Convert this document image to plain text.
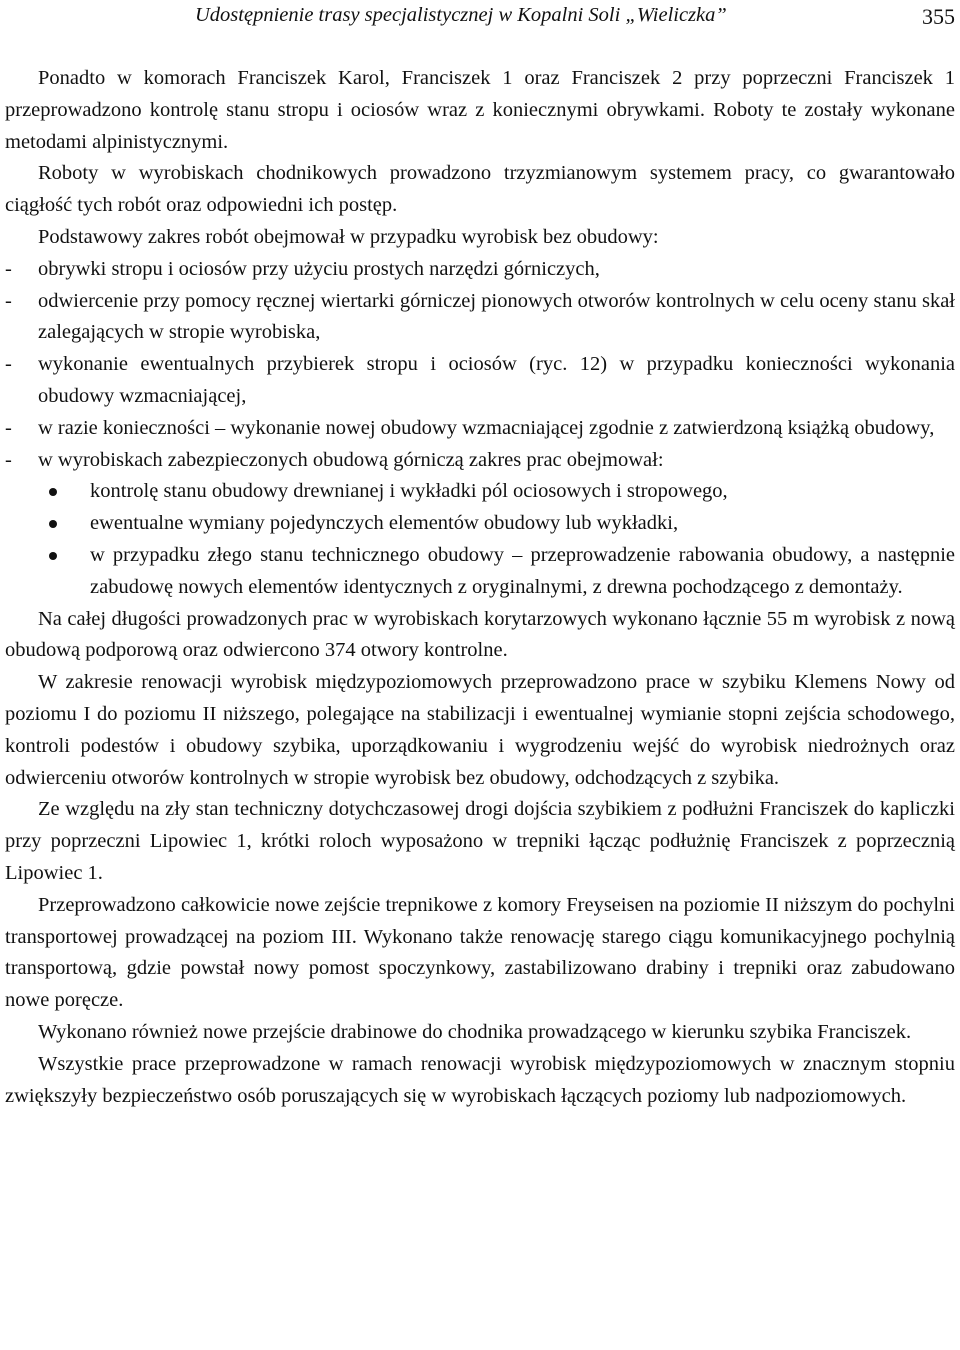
Udostępnienie trasy specjalistycznej w Kopalni Soli „Wieliczka”	355

Ponadto w komorach Franciszek Karol, Franciszek 1 oraz Franciszek 2 przy poprzeczni Franciszek 1 przeprowadzono kontrolę stanu stropu i ociosów wraz z koniecznymi obrywkami. Roboty te zostały wykonane metodami alpinistycznymi.

Roboty w wyrobiskach chodnikowych prowadzono trzyzmianowym systemem pracy, co gwarantowało ciągłość tych robót oraz odpowiedni ich postęp.

Podstawowy zakres robót obejmował w przypadku wyrobisk bez obudowy:

- obrywki stropu i ociosów przy użyciu prostych narzędzi górniczych,
- odwiercenie przy pomocy ręcznej wiertarki górniczej pionowych otworów kontrolnych w celu oceny stanu skał zalegających w stropie wyrobiska,
- wykonanie ewentualnych przybierek stropu i ociosów (ryc. 12) w przypadku konieczności wykonania obudowy wzmacniającej,
- w razie konieczności – wykonanie nowej obudowy wzmacniającej zgodnie z zatwierdzoną książką obudowy,
- w wyrobiskach zabezpieczonych obudową górniczą zakres prac obejmował:
kontrolę stanu obudowy drewnianej i wykładki pól ociosowych i stropowego,
ewentualne wymiany pojedynczych elementów obudowy lub wykładki,
w przypadku złego stanu technicznego obudowy – przeprowadzenie rabowania obudowy, a następnie zabudowę nowych elementów identycznych z oryginalnymi, z drewna pochodzącego z demontaży.

Na całej długości prowadzonych prac w wyrobiskach korytarzowych wykonano łącznie 55 m wyrobisk z nową obudową podporową oraz odwiercono 374 otwory kontrolne.

W zakresie renowacji wyrobisk międzypoziomowych przeprowadzono prace w szybiku Klemens Nowy od poziomu I do poziomu II niższego, polegające na stabilizacji i ewentualnej wymianie stopni zejścia schodowego, kontroli podestów i obudowy szybika, uporządkowaniu i wygrodzeniu wejść do wyrobisk niedrożnych oraz odwierceniu otworów kontrolnych w stropie wyrobisk bez obudowy, odchodzących z szybika.

Ze względu na zły stan techniczny dotychczasowej drogi dojścia szybikiem z podłużni Franciszek do kapliczki przy poprzeczni Lipowiec 1, krótki roloch wyposażono w trepniki łącząc podłużnię Franciszek z poprzecznią Lipowiec 1.

Przeprowadzono całkowicie nowe zejście trepnikowe z komory Freyseisen na poziomie II niższym do pochylni transportowej prowadzącej na poziom III. Wykonano także renowację starego ciągu komunikacyjnego pochylnią transportową, gdzie powstał nowy pomost spoczynkowy, zastabilizowano drabiny i trepniki oraz zabudowano nowe poręcze.

Wykonano również nowe przejście drabinowe do chodnika prowadzącego w kierunku szybika Franciszek.

Wszystkie prace przeprowadzone w ramach renowacji wyrobisk międzypoziomowych w znacznym stopniu zwiększyły bezpieczeństwo osób poruszających się w wyrobiskach łączących poziomy lub nadpoziomowych.
